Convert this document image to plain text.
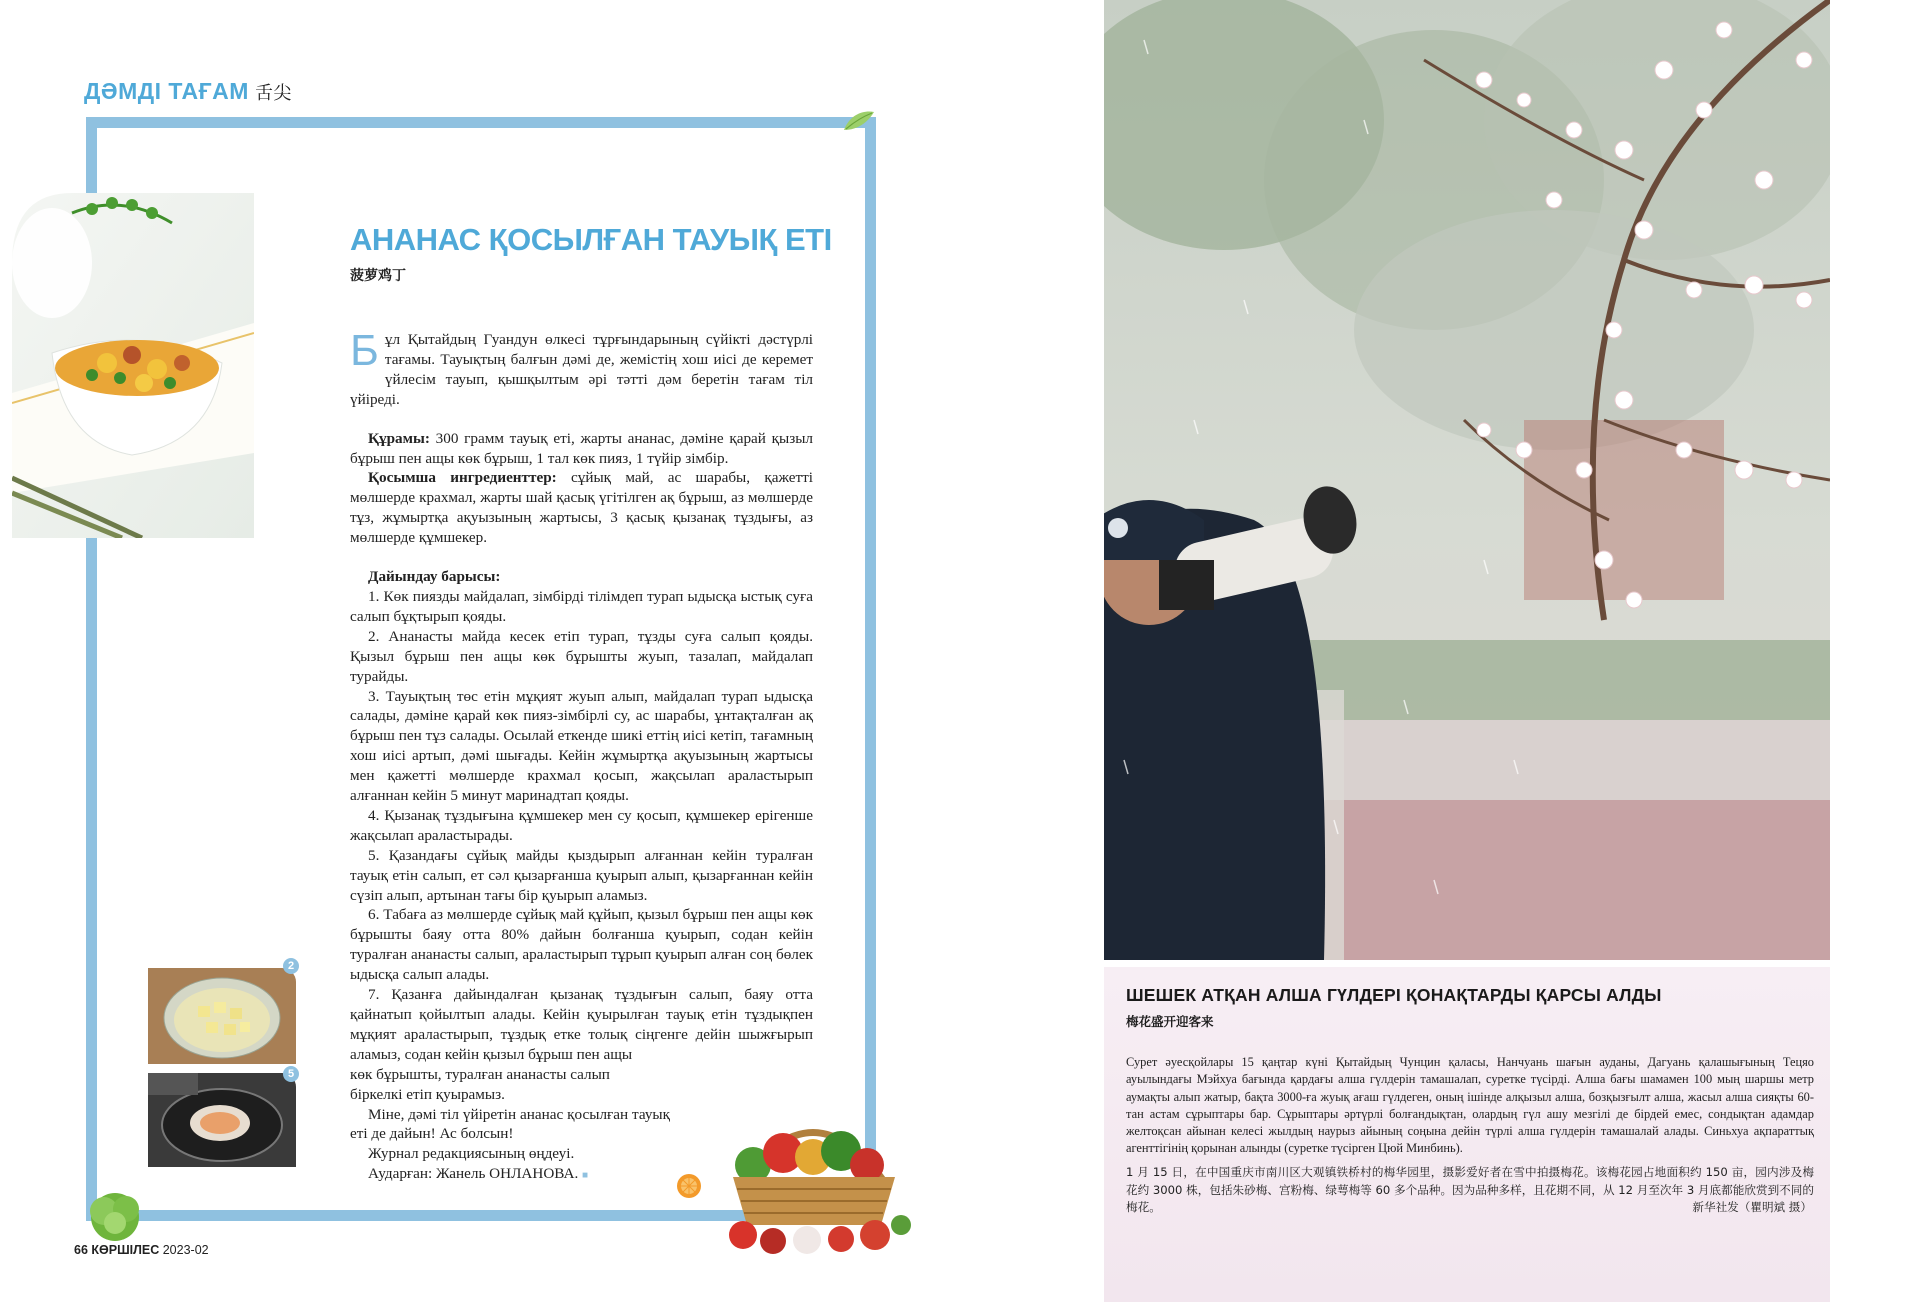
ДӘМДІ ТАҒАМ 舌尖
АНАНАС ҚОСЫЛҒАН ТАУЫҚ ЕТІ
菠萝鸡丁

Бұл Қытайдың Гуандун өлкесі тұрғындарының сүйікті дәстүрлі тағамы. Тауықтың балғын дәмі де, жемістің хош иісі де керемет үйлесім тауып, қышқылтым әрі тәтті дәм беретін тағам тіл үйіреді.

Құрамы: 300 грамм тауық еті, жарты ананас, дәміне қарай қызыл бұрыш пен ащы көк бұрыш, 1 тал көк пияз, 1 түйір зімбір.

Қосымша ингредиенттер: сұйық май, ас шарабы, қажетті мөлшерде крахмал, жарты шай қасық үгітілген ақ бұрыш, аз мөлшерде тұз, жұмыртқа ақуызының жартысы, 3 қасық қызанақ тұздығы, аз мөлшерде құмшекер.

Дайындау барысы:

1. Көк пиязды майдалап, зімбірді тілімдеп турап ыдысқа ыстық суға салып бұқтырып қояды.

2. Ананасты майда кесек етіп турап, тұзды суға салып қояды. Қызыл бұрыш пен ащы көк бұрышты жуып, тазалап, майдалап турайды.

3. Тауықтың төс етін мұқият жуып алып, майдалап турап ыдысқа салады, дәміне қарай көк пияз-зімбірлі су, ас шарабы, ұнтақталған ақ бұрыш пен тұз салады. Осылай еткенде шикі еттің иісі кетіп, тағамның хош иісі артып, дәмі шығады. Кейін жұмыртқа ақуызының жартысы мен қажетті мөлшерде крахмал қосып, жақсылап араластырып алғаннан кейін 5 минут маринадтап қояды.

4. Қызанақ тұздығына құмшекер мен су қосып, құмшекер ерігенше жақсылап араластырады.

5. Қазандағы сұйық майды қыздырып алғаннан кейін туралған тауық етін салып, ет сәл қызарғанша қуырып алып, қызарғаннан кейін сүзіп алып, артынан тағы бір қуырып аламыз.

6. Табаға аз мөлшерде сұйық май құйып, қызыл бұрыш пен ащы көк бұрышты баяу отта 80% дайын болғанша қуырып, содан кейін туралған ананасты салып, араластырып тұрып қуырып алған соң бөлек ыдысқа салып алады.

7. Қазанға дайындалған қызанақ тұздығын салып, баяу отта қайнатып қойылтып алады. Кейін қуырылған тауық етін тұздықпен мұқият араластырып, тұздық етке толық сіңгенге дейін шыжғырып аламыз, содан кейін қызыл бұрыш пен ащы

көк бұрышты, туралған ананасты салып

біркелкі етіп қуырамыз.

Міне, дәмі тіл үйіретін ананас қосылған тауық еті де дайын! Ас болсын!

Журнал редакциясының өңдеуі.

Аударған: Жанель ОНЛАНОВА. ■

2
5
66 КӨРШІЛЕС 2023-02
ШЕШЕК АТҚАН АЛША ГҮЛДЕРІ ҚОНАҚТАРДЫ ҚАРСЫ АЛДЫ
梅花盛开迎客来
Сурет әуесқойлары 15 қаңтар күні Қытайдың Чунцин қаласы, Нанчуань шағын ауданы, Дагуань қалашығының Тецяо ауылындағы Мэйхуа бағында қардағы алша гүлдерін тамашалап, суретке түсірді. Алша бағы шамамен 100 мың шаршы метр аумақты алып жатыр, бақта 3000-ға жуық ағаш гүлдеген, оның ішінде алқызыл алша, бозқызғылт алша, жасыл алша сияқты 60-тан астам сұрыптары бар. Сұрыптары әртүрлі болғандықтан, олардың гүл ашу мезгілі де бірдей емес, сондықтан адамдар желтоқсан айынан келесі жылдың наурыз айының соңына дейін түрлі алша гүлдерін тамашалай алады. Синьхуа ақпараттық агенттігінің қорынан алынды (суретке түсірген Цюй Минбинь).
1 月 15 日，在中国重庆市南川区大观镇铁桥村的梅华园里，摄影爱好者在雪中拍摄梅花。该梅花园占地面积约 150 亩，园内涉及梅花约 3000 株，包括朱砂梅、宫粉梅、绿萼梅等 60 多个品种。因为品种多样，且花期不同，从 12 月至次年 3 月底都能欣赏到不同的梅花。	新华社发（瞿明斌 摄）
